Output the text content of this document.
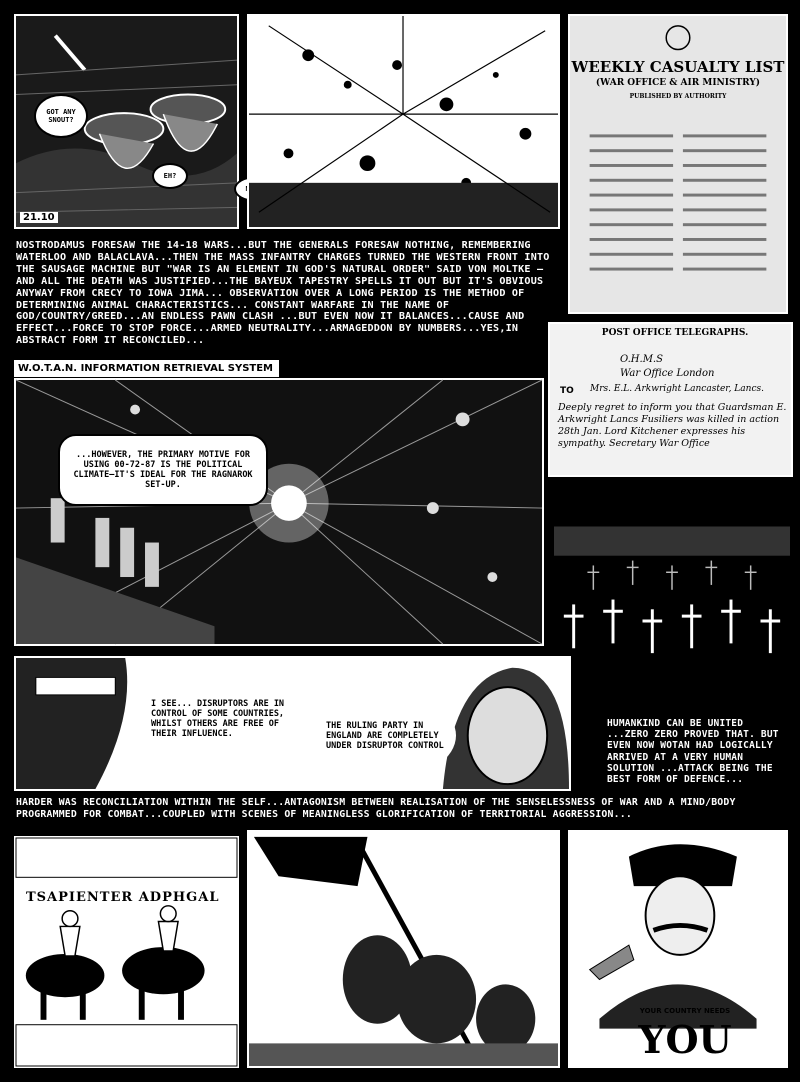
GOT ANY SNOUT?
EH?
21.10
WEEKLY CASUALTY LIST
(WAR OFFICE & AIR MINISTRY)
PUBLISHED BY AUTHORITY
NOSTRODAMUS FORESAW THE 14-18 WARS...BUT THE GENERALS FORESAW NOTHING, REMEMBERING WATERLOO AND BALACLAVA...THEN THE MASS INFANTRY CHARGES TURNED THE WESTERN FRONT INTO THE SAUSAGE MACHINE BUT "WAR IS AN ELEMENT IN GOD'S NATURAL ORDER" SAID VON MOLTKE —AND ALL THE DEATH WAS JUSTIFIED...THE BAYEUX TAPESTRY SPELLS IT OUT BUT IT'S OBVIOUS ANYWAY FROM CRECY TO IOWA JIMA... OBSERVATION OVER A LONG PERIOD IS THE METHOD OF DETERMINING ANIMAL CHARACTERISTICS... CONSTANT WARFARE IN THE NAME OF GOD/COUNTRY/GREED...AN ENDLESS PAWN CLASH ...BUT EVEN NOW IT BALANCES...CAUSE AND EFFECT...FORCE TO STOP FORCE...ARMED NEUTRALITY...ARMAGEDDON BY NUMBERS...YES,IN ABSTRACT FORM IT RECONCILED...
W.O.T.A.N. INFORMATION RETRIEVAL SYSTEM
POST OFFICE TELEGRAPHS.
O.H.M.S
War Office London
TO Mrs. E.L. Arkwright Lancaster, Lancs.
Deeply regret to inform you that Guardsman E. Arkwright Lancs Fusiliers was killed in action 28th Jan. Lord Kitchener expresses his sympathy. Secretary War Office
...HOWEVER, THE PRIMARY MOTIVE FOR USING 00-72-87 IS THE POLITICAL CLIMATE—IT'S IDEAL FOR THE RAGNAROK SET-UP.
I SEE... DISRUPTORS ARE IN CONTROL OF SOME COUNTRIES, WHILST OTHERS ARE FREE OF THEIR INFLUENCE.
THE RULING PARTY IN ENGLAND ARE COMPLETELY UNDER DISRUPTOR CONTROL
HUMANKIND CAN BE UNITED ...ZERO ZERO PROVED THAT. BUT EVEN NOW WOTAN HAD LOGICALLY ARRIVED AT A VERY HUMAN SOLUTION ...ATTACK BEING THE BEST FORM OF DEFENCE...
HARDER WAS RECONCILIATION WITHIN THE SELF...ANTAGONISM BETWEEN REALISATION OF THE SENSELESSNESS OF WAR AND A MIND/BODY PROGRAMMED FOR COMBAT...COUPLED WITH SCENES OF MEANINGLESS GLORIFICATION OF TERRITORIAL AGGRESSION...
TSAPIENTER ADPHGAL
YOUR COUNTRY NEEDS
YOU
